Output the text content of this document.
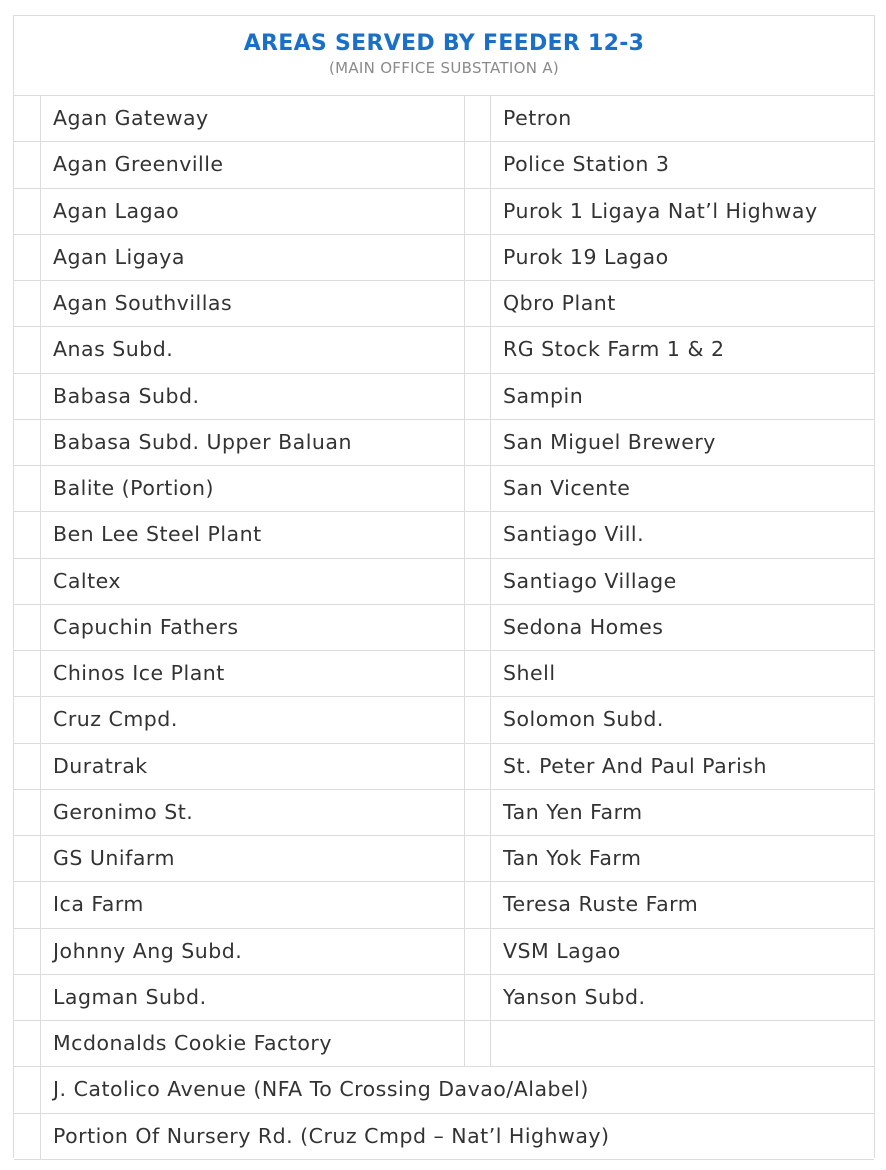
AREAS SERVED BY FEEDER 12-3
(MAIN OFFICE SUBSTATION A)
Agan Gateway	Petron
Agan Greenville	Police Station 3
Agan Lagao	Purok 1 Ligaya Nat’l Highway
Agan Ligaya	Purok 19 Lagao
Agan Southvillas	Qbro Plant
Anas Subd.	RG Stock Farm 1 & 2
Babasa Subd.	Sampin
Babasa Subd. Upper Baluan	San Miguel Brewery
Balite (Portion)	San Vicente
Ben Lee Steel Plant	Santiago Vill.
Caltex	Santiago Village
Capuchin Fathers	Sedona Homes
Chinos Ice Plant	Shell
Cruz Cmpd.	Solomon Subd.
Duratrak	St. Peter And Paul Parish
Geronimo St.	Tan Yen Farm
GS Unifarm	Tan Yok Farm
Ica Farm	Teresa Ruste Farm
Johnny Ang Subd.	VSM Lagao
Lagman Subd.	Yanson Subd.
Mcdonalds Cookie Factory
J. Catolico Avenue (NFA To Crossing Davao/Alabel)
Portion Of Nursery Rd. (Cruz Cmpd – Nat’l Highway)
